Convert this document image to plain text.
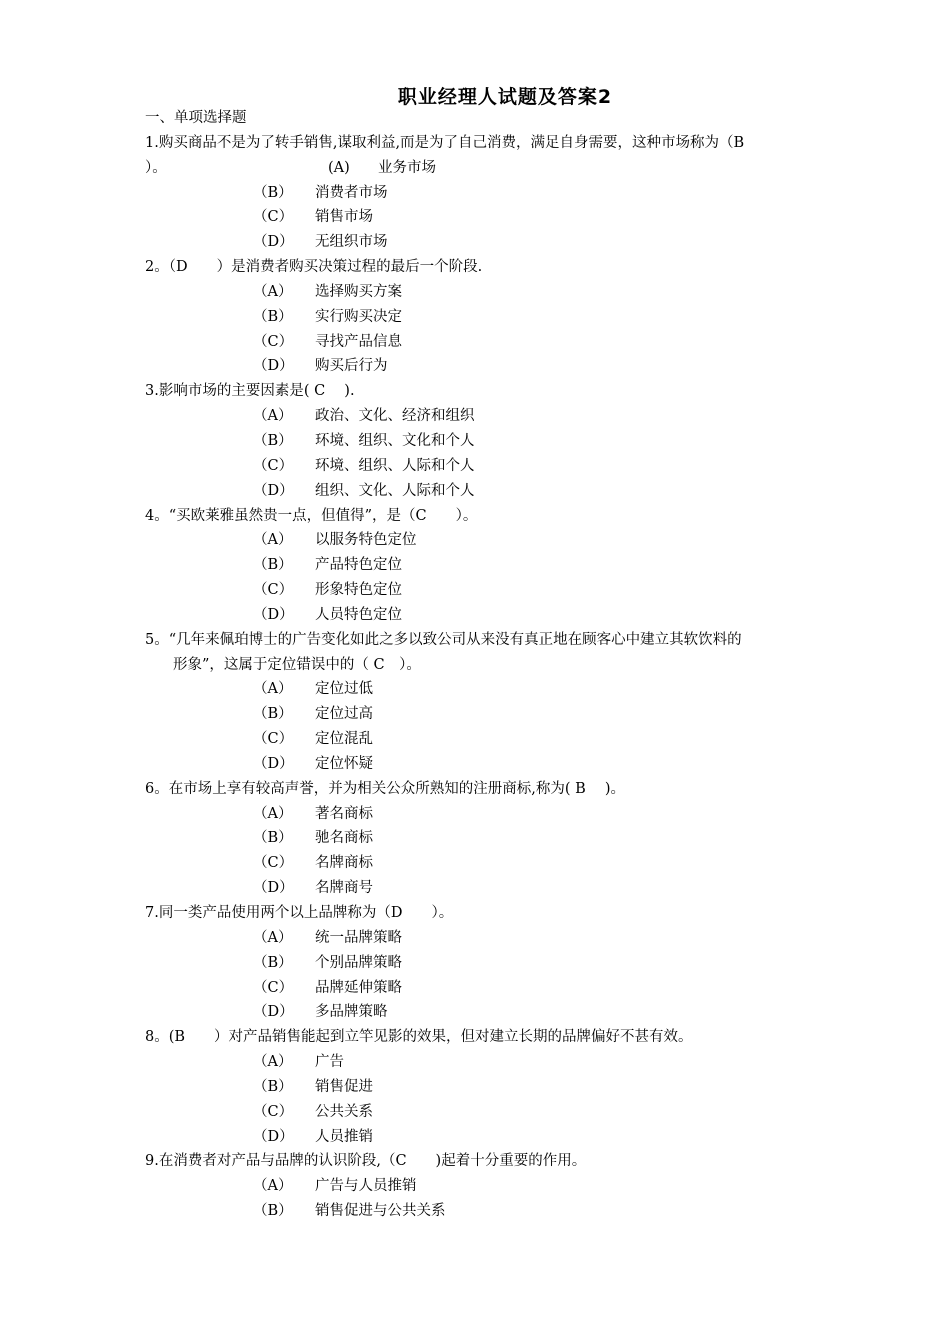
职业经理人试题及答案2
一、单项选择题
1.购买商品不是为了转手销售,谋取利益,而是为了自己消费，满足自身需要，这种市场称为（B
）。	(A) 业务市场
（B） 消费者市场
（C） 销售市场
（D） 无组织市场
2。（D　　）是消费者购买决策过程的最后一个阶段.
（A） 选择购买方案
（B） 实行购买决定
（C） 寻找产品信息
（D） 购买后行为
3.影响市场的主要因素是( C　 ).
（A） 政治、文化、经济和组织
（B） 环境、组织、文化和个人
（C） 环境、组织、人际和个人
（D） 组织、文化、人际和个人
4。“买欧莱雅虽然贵一点，但值得”，是（C　　）。
（A） 以服务特色定位
（B） 产品特色定位
（C） 形象特色定位
（D） 人员特色定位
5。“几年来佩珀博士的广告变化如此之多以致公司从来没有真正地在顾客心中建立其软饮料的
形象”，这属于定位错误中的（ C　）。
（A） 定位过低
（B） 定位过高
（C） 定位混乱
（D） 定位怀疑
6。在市场上享有较高声誉，并为相关公众所熟知的注册商标,称为( B　 )。
（A） 著名商标
（B） 驰名商标
（C） 名牌商标
（D） 名牌商号
7.同一类产品使用两个以上品牌称为（D　　）。
（A） 统一品牌策略
（B） 个别品牌策略
（C） 品牌延伸策略
（D） 多品牌策略
8。(B　　）对产品销售能起到立竿见影的效果，但对建立长期的品牌偏好不甚有效。
（A） 广告
（B） 销售促进
（C） 公共关系
（D） 人员推销
9.在消费者对产品与品牌的认识阶段,（C　　)起着十分重要的作用。
（A） 广告与人员推销
（B） 销售促进与公共关系
